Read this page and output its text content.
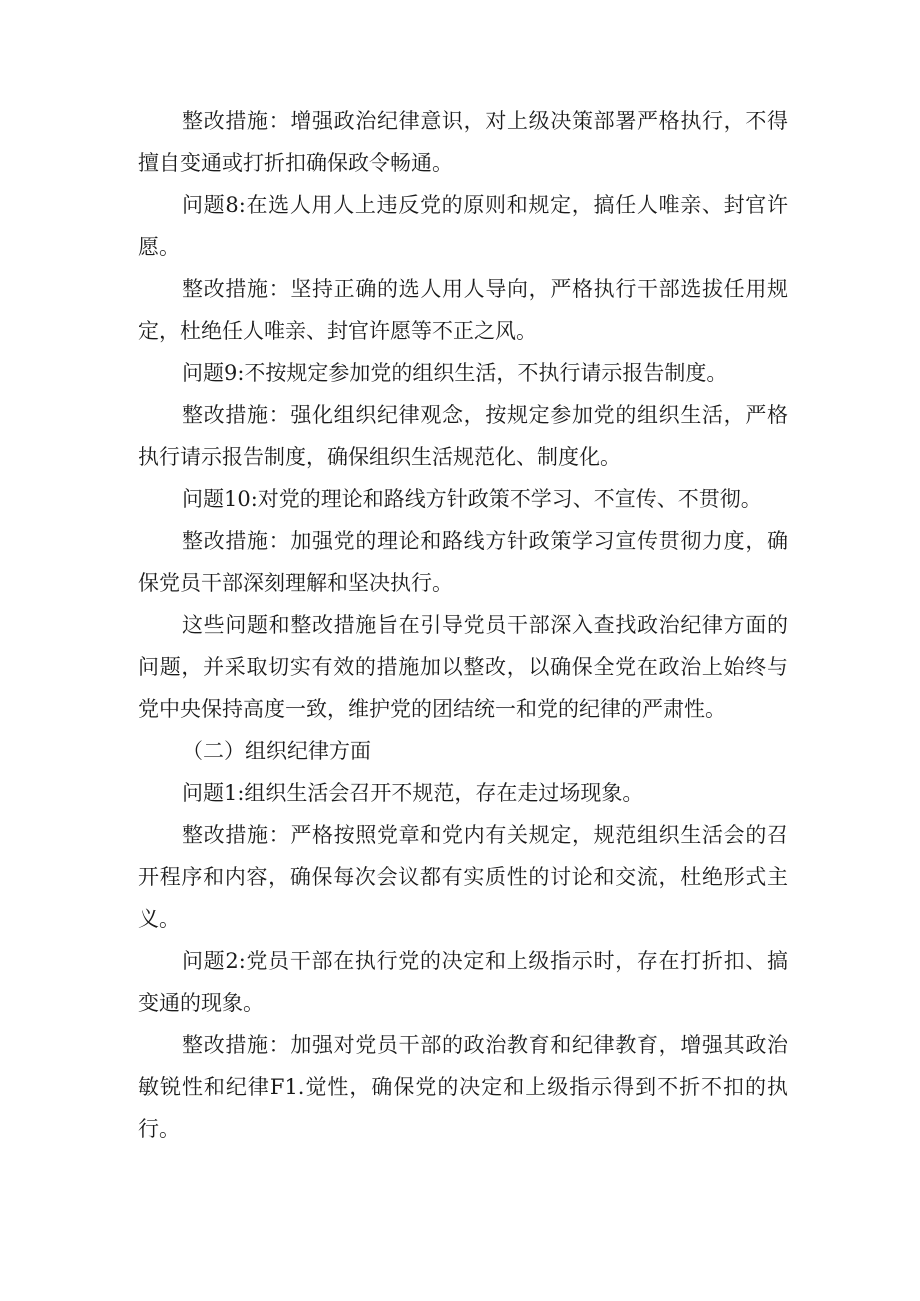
整改措施：增强政治纪律意识，对上级决策部署严格执行，不得擅自变通或打折扣确保政令畅通。

问题8:在选人用人上违反党的原则和规定，搞任人唯亲、封官许愿。

整改措施：坚持正确的选人用人导向，严格执行干部选拔任用规定，杜绝任人唯亲、封官许愿等不正之风。

问题9:不按规定参加党的组织生活，不执行请示报告制度。

整改措施：强化组织纪律观念，按规定参加党的组织生活，严格执行请示报告制度，确保组织生活规范化、制度化。

问题10:对党的理论和路线方针政策不学习、不宣传、不贯彻。

整改措施：加强党的理论和路线方针政策学习宣传贯彻力度，确保党员干部深刻理解和坚决执行。

这些问题和整改措施旨在引导党员干部深入查找政治纪律方面的问题，并采取切实有效的措施加以整改，以确保全党在政治上始终与党中央保持高度一致，维护党的团结统一和党的纪律的严肃性。

（二）组织纪律方面

问题1:组织生活会召开不规范，存在走过场现象。

整改措施：严格按照党章和党内有关规定，规范组织生活会的召开程序和内容，确保每次会议都有实质性的讨论和交流，杜绝形式主义。

问题2:党员干部在执行党的决定和上级指示时，存在打折扣、搞变通的现象。

整改措施：加强对党员干部的政治教育和纪律教育，增强其政治敏锐性和纪律F1.觉性，确保党的决定和上级指示得到不折不扣的执行。
